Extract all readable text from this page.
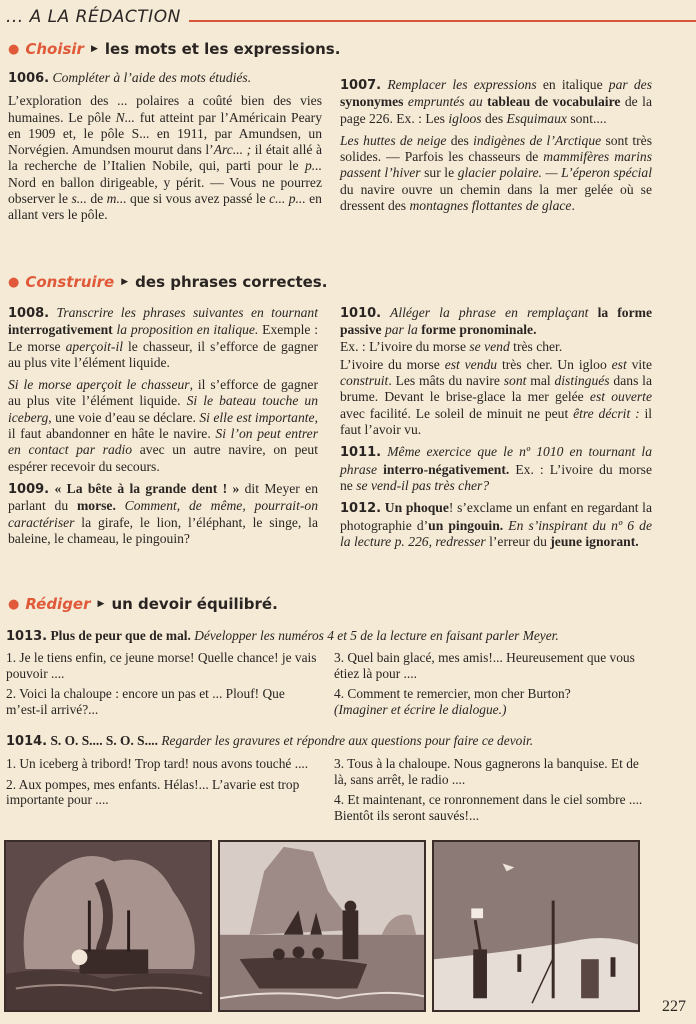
... A LA RÉDACTION
● Choisir ▶ les mots et les expressions.

1006. Compléter à l’aide des mots étudiés.

L’exploration des ... polaires a coûté bien des vies humaines. Le pôle N... fut atteint par l’Américain Peary en 1909 et, le pôle S... en 1911, par Amundsen, un Norvégien. Amundsen mourut dans l’Arc... ; il était allé à la recherche de l’Italien Nobile, qui, parti pour le p... Nord en ballon dirigeable, y périt. — Vous ne pourrez observer le s... de m... que si vous avez passé le c... p... en allant vers le pôle.

1007. Remplacer les expressions en italique par des synonymes empruntés au tableau de vocabulaire de la page 226. Ex. : Les igloos des Esquimaux sont....

Les huttes de neige des indigènes de l’Arctique sont très solides. — Parfois les chasseurs de mammifères marins passent l’hiver sur le glacier polaire. — L’éperon spécial du navire ouvre un chemin dans la mer gelée où se dressent des montagnes flottantes de glace.

● Construire ▶ des phrases correctes.

1008. Transcrire les phrases suivantes en tournant interrogativement la proposition en italique. Exemple : Le morse aperçoit-il le chasseur, il s’efforce de gagner au plus vite l’élément liquide.

Si le morse aperçoit le chasseur, il s’efforce de gagner au plus vite l’élément liquide. Si le bateau touche un iceberg, une voie d’eau se déclare. Si elle est importante, il faut abandonner en hâte le navire. Si l’on peut entrer en contact par radio avec un autre navire, on peut espérer recevoir du secours.

1009. « La bête à la grande dent ! » dit Meyer en parlant du morse. Comment, de même, pourrait-on caractériser la girafe, le lion, l’éléphant, le singe, la baleine, le chameau, le pingouin?

1010. Alléger la phrase en remplaçant la forme passive par la forme pronominale.

Ex. : L’ivoire du morse se vend très cher.

L’ivoire du morse est vendu très cher. Un igloo est vite construit. Les mâts du navire sont mal distingués dans la brume. Devant le brise-glace la mer gelée est ouverte avec facilité. Le soleil de minuit ne peut être décrit : il faut l’avoir vu.

1011. Même exercice que le nº 1010 en tournant la phrase interro-négativement. Ex. : L’ivoire du morse ne se vend-il pas très cher?

1012. Un phoque! s’exclame un enfant en regardant la photographie d’un pingouin. En s’inspirant du nº 6 de la lecture p. 226, redresser l’erreur du jeune ignorant.

● Rédiger ▶ un devoir équilibré.
1013. Plus de peur que de mal. Développer les numéros 4 et 5 de la lecture en faisant parler Meyer.

1. Je le tiens enfin, ce jeune morse! Quelle chance! je vais pouvoir ....

2. Voici la chaloupe : encore un pas et ... Plouf! Que m’est-il arrivé?...

3. Quel bain glacé, mes amis!... Heureusement que vous étiez là pour ....

4. Comment te remercier, mon cher Burton?

(Imaginer et écrire le dialogue.)

1014. S. O. S.... S. O. S.... Regarder les gravures et répondre aux questions pour faire ce devoir.

1. Un iceberg à tribord! Trop tard! nous avons touché ....

2. Aux pompes, mes enfants. Hélas!... L’avarie est trop importante pour ....

3. Tous à la chaloupe. Nous gagnerons la banquise. Et de là, sans arrêt, le radio ....

4. Et maintenant, ce ronronnement dans le ciel sombre .... Bientôt ils seront sauvés!...

227
